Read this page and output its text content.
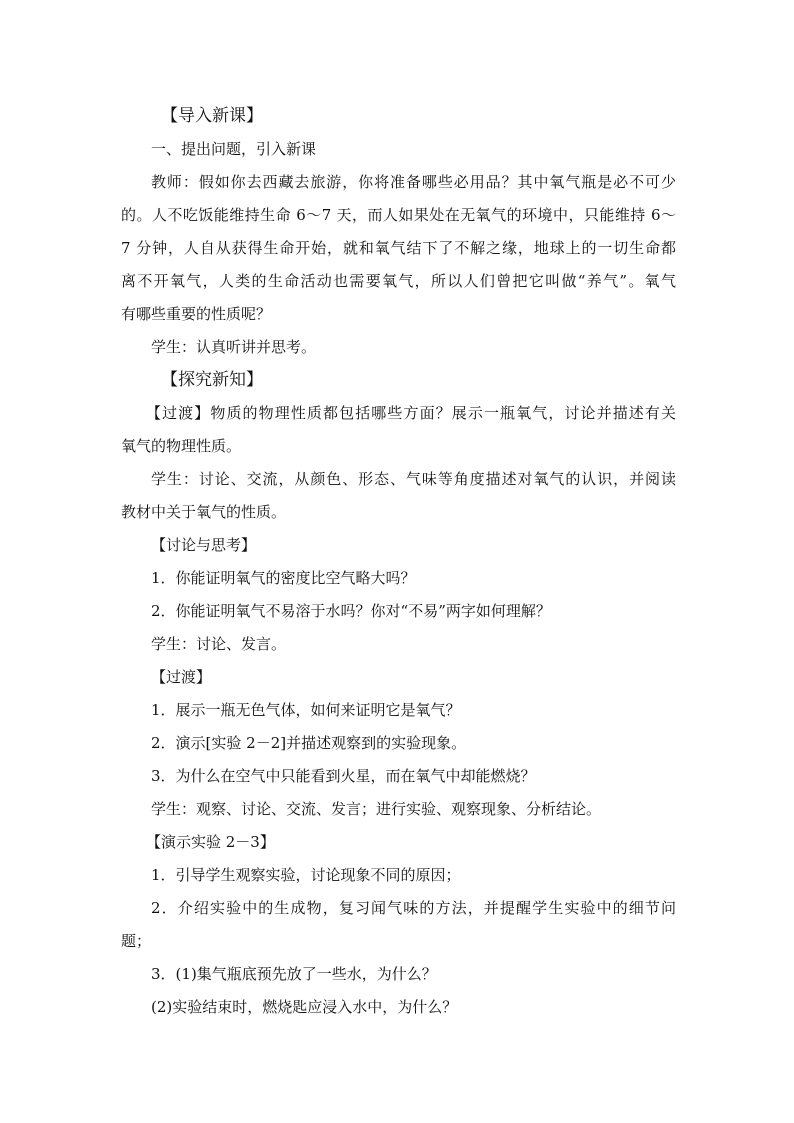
【导入新课】
一、提出问题，引入新课
教师：假如你去西藏去旅游，你将准备哪些必用品？其中氧气瓶是必不可少
的。人不吃饭能维持生命 6～7 天，而人如果处在无氧气的环境中，只能维持 6～
7 分钟，人自从获得生命开始，就和氧气结下了不解之缘，地球上的一切生命都
离不开氧气，人类的生命活动也需要氧气，所以人们曾把它叫做“养气”。氧气
有哪些重要的性质呢？
学生：认真听讲并思考。
【探究新知】
【过渡】物质的物理性质都包括哪些方面？展示一瓶氧气，讨论并描述有关
氧气的物理性质。
学生：讨论、交流，从颜色、形态、气味等角度描述对氧气的认识，并阅读
教材中关于氧气的性质。
【讨论与思考】
1．你能证明氧气的密度比空气略大吗？
2．你能证明氧气不易溶于水吗？你对“不易”两字如何理解？
学生：讨论、发言。
【过渡】
1．展示一瓶无色气体，如何来证明它是氧气？
2．演示[实验 2－2]并描述观察到的实验现象。
3．为什么在空气中只能看到火星，而在氧气中却能燃烧？
学生：观察、讨论、交流、发言；进行实验、观察现象、分析结论。
【演示实验 2－3】
1．引导学生观察实验，讨论现象不同的原因；
2．介绍实验中的生成物，复习闻气味的方法，并提醒学生实验中的细节问
题；
3．(1)集气瓶底预先放了一些水，为什么？
(2)实验结束时，燃烧匙应浸入水中，为什么？
